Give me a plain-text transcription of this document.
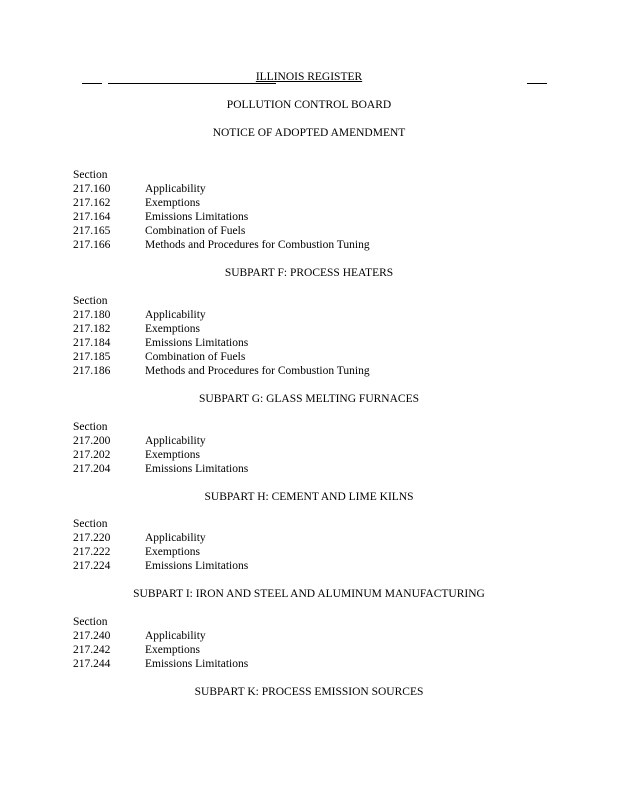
ILLINOIS REGISTER
POLLUTION CONTROL BOARD
NOTICE OF ADOPTED AMENDMENT
Section
217.160	Applicability
217.162	Exemptions
217.164	Emissions Limitations
217.165	Combination of Fuels
217.166	Methods and Procedures for Combustion Tuning
SUBPART F: PROCESS HEATERS
Section
217.180	Applicability
217.182	Exemptions
217.184	Emissions Limitations
217.185	Combination of Fuels
217.186	Methods and Procedures for Combustion Tuning
SUBPART G: GLASS MELTING FURNACES
Section
217.200	Applicability
217.202	Exemptions
217.204	Emissions Limitations
SUBPART H: CEMENT AND LIME KILNS
Section
217.220	Applicability
217.222	Exemptions
217.224	Emissions Limitations
SUBPART I: IRON AND STEEL AND ALUMINUM MANUFACTURING
Section
217.240	Applicability
217.242	Exemptions
217.244	Emissions Limitations
SUBPART K: PROCESS EMISSION SOURCES
